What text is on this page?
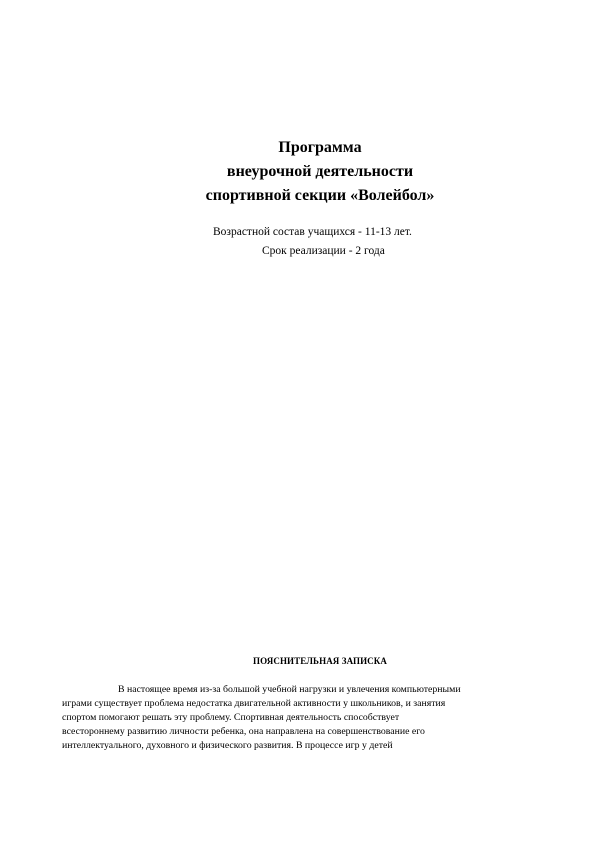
Программа
внеурочной деятельности
спортивной секции «Волейбол»

Возрастной состав учащихся - 11-13 лет.

Срок реализации - 2 года

ПОЯСНИТЕЛЬНАЯ ЗАПИСКА

В настоящее время из-за большой учебной нагрузки и увлечения компьютерными

играми существует проблема недостатка двигательной активности у школьников, и занятия

спортом помогают решать эту проблему. Спортивная деятельность способствует

всестороннему развитию личности ребенка, она направлена на совершенствование его

интеллектуального, духовного и физического развития. В процессе игр у детей
